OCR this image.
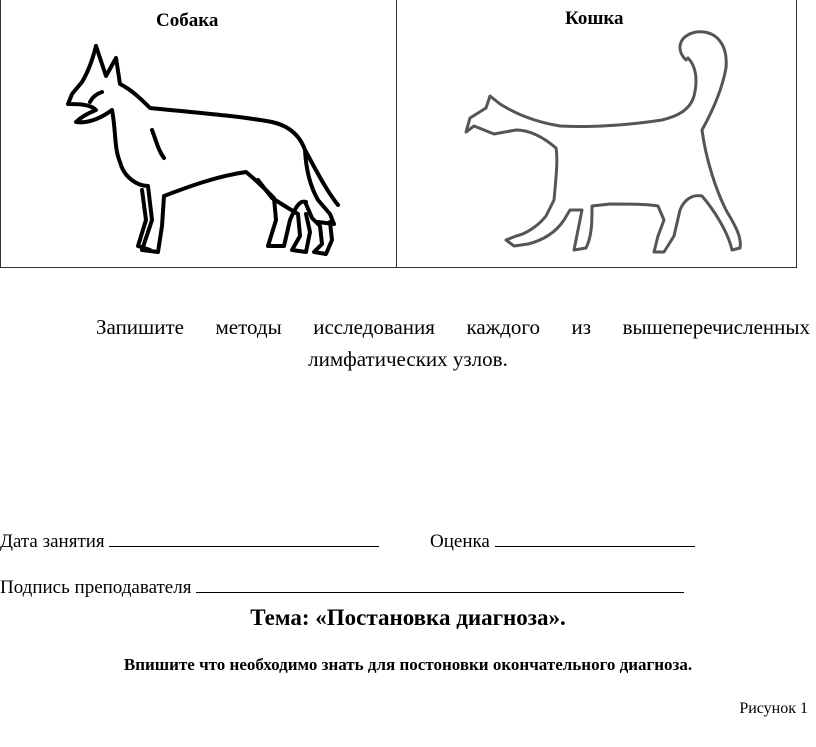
Собака	Кошка
Запишите методы исследования каждого из вышеперечисленных
лимфатических узлов.
Дата занятия	Оценка
Подпись преподавателя
Тема: «Постановка диагноза».
Впишите что необходимо знать для постоновки окончательного диагноза.
Рисунок 1
